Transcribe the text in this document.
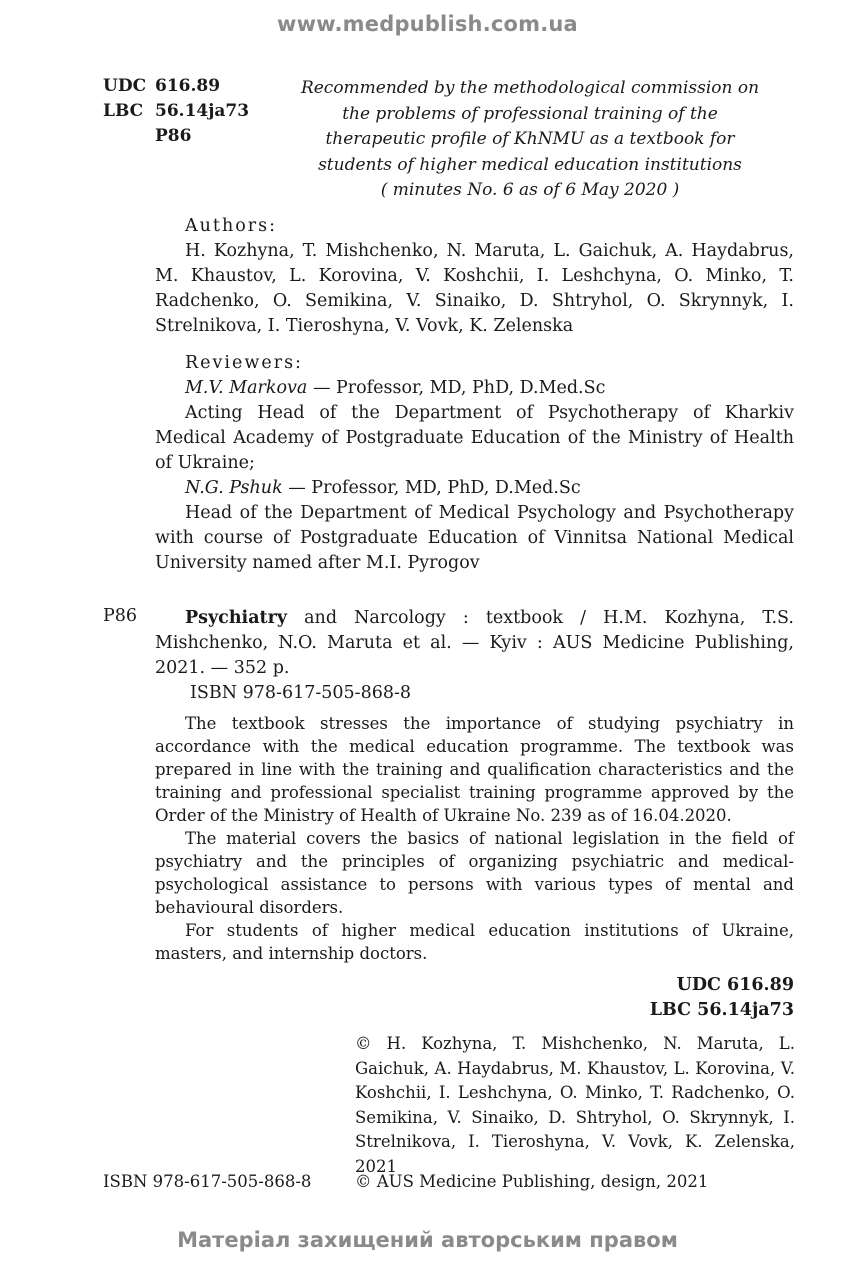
www.medpublish.com.ua
UDC 616.89
LBC 56.14ja73
P86
Recommended by the methodological commission on
the problems of professional training of the
therapeutic profile of KhNMU as a textbook for
students of higher medical education institutions
( minutes No. 6 as of 6 May 2020 )

Authors:

H. Kozhyna, T. Mishchenko, N. Maruta, L. Gaichuk, A. Haydabrus, M. Khaustov, L. Korovina, V. Koshchii, I. Leshchyna, O. Minko, T. Radchenko, O. Semikina, V. Sinaiko, D. Shtryhol, O. Skrynnyk, I. Strelnikova, I. Tieroshyna, V. Vovk, K. Zelenska

Reviewers:

M.V. Markova — Professor, MD, PhD, D.Med.Sc

Acting Head of the Department of Psychotherapy of Kharkiv Medical Academy of Postgraduate Education of the Ministry of Health of Ukraine;

N.G. Pshuk — Professor, MD, PhD, D.Med.Sc

Head of the Department of Medical Psychology and Psychotherapy with course of Postgraduate Education of Vinnitsa National Medical University named after M.I. Pyrogov

P86	Psychiatry and Narcology : textbook / H.M. Kozhyna, T.S. Mishchenko, N.O. Maruta et al. — Kyiv : AUS Medicine Publishing, 2021. — 352 p.

ISBN 978-617-505-868-8

The textbook stresses the importance of studying psychiatry in accordance with the medical education programme. The textbook was prepared in line with the training and qualification characteristics and the training and professional specialist training programme approved by the Order of the Ministry of Health of Ukraine No. 239 as of 16.04.2020.

The material covers the basics of national legislation in the field of psychiatry and the principles of organizing psychiatric and medical-psychological assistance to persons with various types of mental and behavioural disorders.

For students of higher medical education institutions of Ukraine, masters, and internship doctors.

UDC 616.89
LBC 56.14ja73
© H. Kozhyna, T. Mishchenko, N. Maruta, L. Gaichuk, A. Haydabrus, M. Khaustov, L. Korovina, V. Koshchii, I. Leshchyna, O. Minko, T. Radchenko, O. Semikina, V. Sinaiko, D. Shtryhol, O. Skrynnyk, I. Strelnikova, I. Tieroshyna, V. Vovk, K. Zelenska, 2021
ISBN 978-617-505-868-8	© AUS Medicine Publishing, design, 2021
Матеріал захищений авторським правом
